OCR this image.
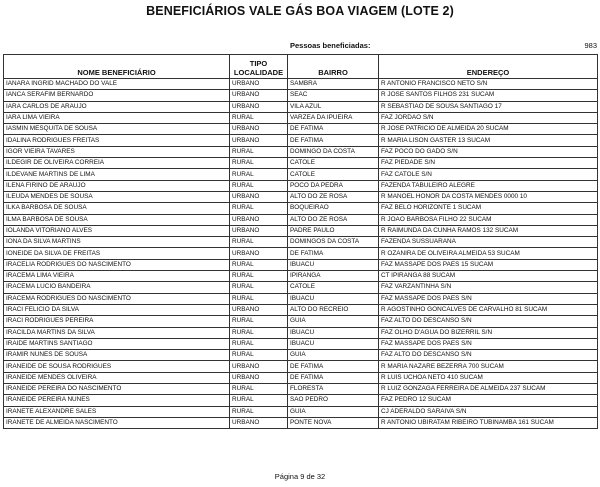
BENEFICIÁRIOS VALE GÁS BOA VIAGEM (LOTE 2)
Pessoas beneficiadas:	983
NOME BENEFICIÁRIO	TIPO LOCALIDADE	BAIRRO	ENDEREÇO
IANARA INGRID MACHADO DO VALE	URBANO	SAMBRA	R ANTONIO FRANCISCO NETO S/N
IANCA SERAFIM BERNARDO	URBANO	SEAC	R JOSE SANTOS FILHOS 231 SUCAM
IARA CARLOS DE ARAUJO	URBANO	VILA AZUL	R SEBASTIAO DE SOUSA SANTIAGO 17
IARA LIMA VIEIRA	RURAL	VARZEA DA IPUEIRA	FAZ JORDAO S/N
IASMIN MESQUITA DE SOUSA	URBANO	DE FATIMA	R JOSE PATRICIO DE ALMEIDA 20 SUCAM
IDALINA RODRIGUES FREITAS	URBANO	DE FATIMA	R MARIA LISON GASTER 13 SUCAM
IGOR VIEIRA TAVARES	RURAL	DOMINGO DA COSTA	FAZ POCO DO GADO S/N
ILDEGIR DE OLIVEIRA CORREIA	RURAL	CATOLE	FAZ PIEDADE S/N
ILDEVANE MARTINS DE LIMA	RURAL	CATOLE	FAZ CATOLE S/N
ILENA FIRINO DE ARAUJO	RURAL	POCO DA PEDRA	FAZENDA TABULEIRO ALEGRE
ILEUDA MENDES DE SOUSA	URBANO	ALTO DO ZE ROSA	R MANOEL HONOR DA COSTA MENDES 0000 10
ILKA BARBOSA DE SOUSA	RURAL	BOQUEIRAO	FAZ BELO HORIZONTE 1 SUCAM
ILMA BARBOSA DE SOUSA	URBANO	ALTO DO ZE ROSA	R JOAO BARBOSA FILHO 22 SUCAM
IOLANDA VITORIANO ALVES	URBANO	PADRE PAULO	R RAIMUNDA DA CUNHA RAMOS 132 SUCAM
IONA DA SILVA MARTINS	RURAL	DOMINGOS DA COSTA	FAZENDA SUSSUARANA
IONEIDE DA SILVA DE FREITAS	URBANO	DE FATIMA	R OZANIRA DE OLIVEIRA ALMEIDA 53 SUCAM
IRACELIA RODRIGUES DO NASCIMENTO	RURAL	IBUACU	FAZ MASSAPE DOS PAES 15 SUCAM
IRACEMA LIMA VIEIRA	RURAL	IPIRANGA	CT IPIRANGA 88 SUCAM
IRACEMA LUCIO BANDEIRA	RURAL	CATOLE	FAZ VARZANTINHA S/N
IRACEMA RODRIGUES DO NASCIMENTO	RURAL	IBUACU	FAZ MASSAPE DOS PAES S/N
IRACI FELICIO DA SILVA	URBANO	ALTO DO RECREIO	R AGOSTINHO GONCALVES DE CARVALHO 81 SUCAM
IRACI RODRIGUES PEREIRA	RURAL	GUIA	FAZ ALTO DO DESCANSO S/N
IRACILDA MARTINS DA SILVA	RURAL	IBUACU	FAZ OLHO D'AGUA DO BIZERRIL S/N
IRAIDE MARTINS SANTIAGO	RURAL	IBUACU	FAZ MASSAPE DOS PAES S/N
IRAMIR NUNES DE SOUSA	RURAL	GUIA	FAZ ALTO DO DESCANSO S/N
IRANEIDE DE SOUSA RODRIGUES	URBANO	DE FATIMA	R MARIA NAZARE BEZERRA 700 SUCAM
IRANEIDE MENDES OLIVEIRA	URBANO	DE FATIMA	R LUIS UCHOA NETO 410 SUCAM
IRANEIDE PEREIRA DO NASCIMENTO	RURAL	FLORESTA	R LUIZ GONZAGA FERREIRA DE ALMEIDA 237 SUCAM
IRANEIDE PEREIRA NUNES	RURAL	SAO PEDRO	FAZ PEDRO 12 SUCAM
IRANETE ALEXANDRE SALES	RURAL	GUIA	CJ ADERALDO SARAIVA S/N
IRANETE DE ALMEIDA NASCIMENTO	URBANO	PONTE NOVA	R ANTONIO UBIRATAM RIBEIRO TUBINAMBA 161 SUCAM
Página 9 de 32
